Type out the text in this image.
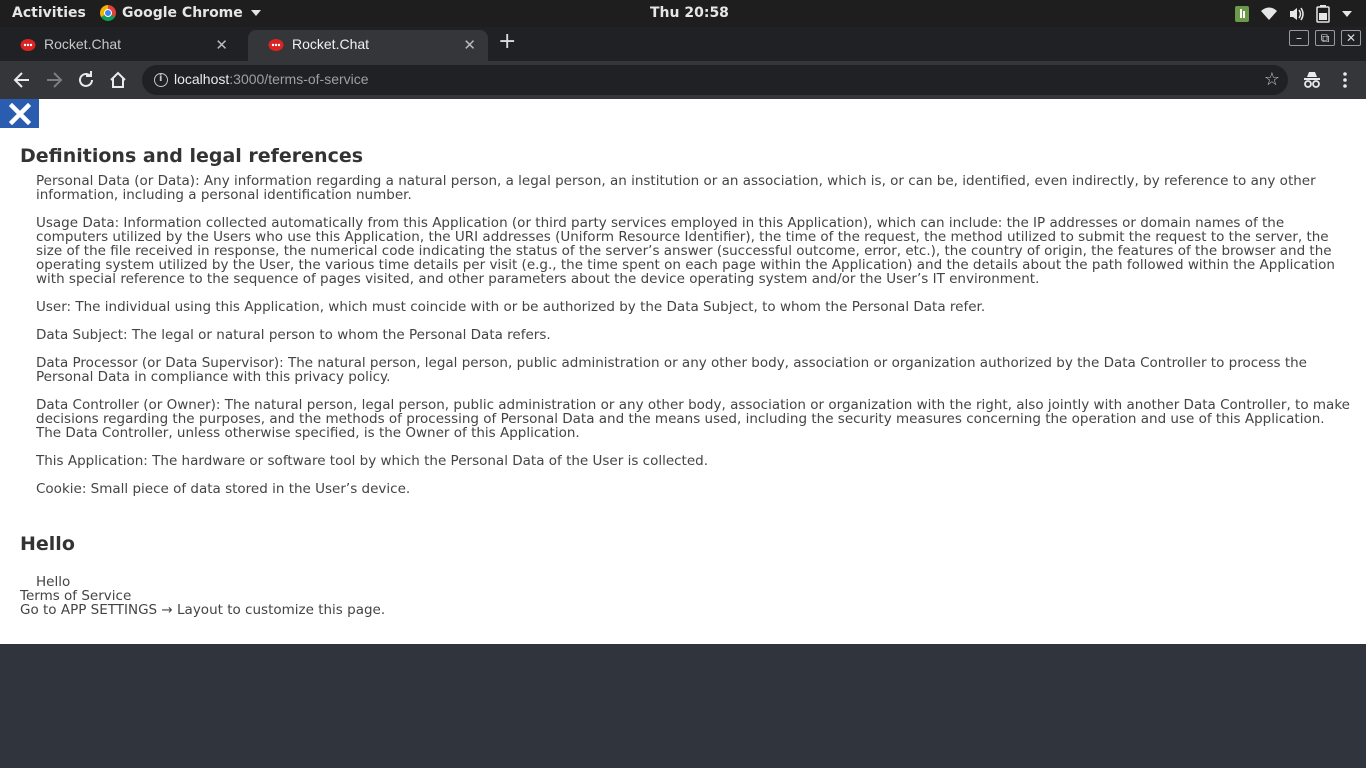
Activities	Google Chrome	Thu 20:58
Rocket.Chat	✕	Rocket.Chat	✕ +	–	⧉	✕
i
localhost:3000/terms-of-service	☆
Definitions and legal references

Personal Data (or Data): Any information regarding a natural person, a legal person, an institution or an association, which is, or can be, identified, even indirectly, by reference to any other information, including a personal identification number.

Usage Data: Information collected automatically from this Application (or third party services employed in this Application), which can include: the IP addresses or domain names of the computers utilized by the Users who use this Application, the URI addresses (Uniform Resource Identifier), the time of the request, the method utilized to submit the request to the server, the size of the file received in response, the numerical code indicating the status of the server’s answer (successful outcome, error, etc.), the country of origin, the features of the browser and the operating system utilized by the User, the various time details per visit (e.g., the time spent on each page within the Application) and the details about the path followed within the Application with special reference to the sequence of pages visited, and other parameters about the device operating system and/or the User’s IT environment.

User: The individual using this Application, which must coincide with or be authorized by the Data Subject, to whom the Personal Data refer.

Data Subject: The legal or natural person to whom the Personal Data refers.

Data Processor (or Data Supervisor): The natural person, legal person, public administration or any other body, association or organization authorized by the Data Controller to process the Personal Data in compliance with this privacy policy.

Data Controller (or Owner): The natural person, legal person, public administration or any other body, association or organization with the right, also jointly with another Data Controller, to make decisions regarding the purposes, and the methods of processing of Personal Data and the means used, including the security measures concerning the operation and use of this Application. The Data Controller, unless otherwise specified, is the Owner of this Application.

This Application: The hardware or software tool by which the Personal Data of the User is collected.

Cookie: Small piece of data stored in the User’s device.

Hello
Hello
Terms of Service
Go to APP SETTINGS → Layout to customize this page.
